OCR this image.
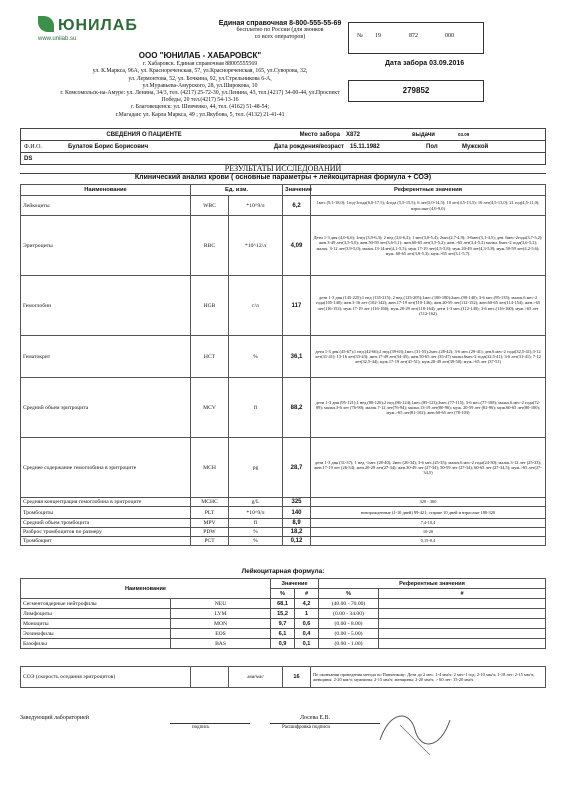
ЮНИЛАБ
www.unilab.su
Единая справочная 8-800-555-55-69
бесплатно по России (для звонков
со всех операторов)
ООО "ЮНИЛАБ - ХАБАРОВСК"
г. Хабаровск. Единая справочная 88005555569
ул. К.Маркса, 96А, ул. Краснореченская, 57, ул.Краснореченская, 165, ул.Суворова, 32,
ул. Лермонтова, 52, ул. Бочкина, 92, ул.Стрельникова 6-А,
ул.Муравьева-Амурского, 28, ул.Широкова, 10
г. Комсомольск-на-Амуре: ул. Ленина, 34/3, тел. (4217) 25-72-30, ул.Ленина, 43, тел.(4217) 34-00-44, ул.Проспект
Победы, 20 тел.(4217) 54-13-16
г. Благовещенск: ул. Шевченко, 44, тел. (4162) 51-48-54;
г.Магадан: ул. Карла Маркса, 49 ; ул.Якубова, 5, тел. (4132) 21-41-41
№ 19	872	000
Дата забора 03.09.2016
279852
СВЕДЕНИЯ О ПАЦИЕНТЕ	Место забора	Х872	выдачи	03.09
Ф.И.О.	Булатов Борис Борисович	Дата рождения/возраст	15.11.1982	Пол	Мужской
DS
РЕЗУЛЬТАТЫ ИССЛЕДОВАНИЙ
Клинический анализ крови ( основные параметры + лейкоцитарная формула + СОЭ)
Наименование	Ед. изм.		Значение	Референтные значения
Лейкоциты	WBC	*10^9/л	6,2	1мес (9,1-18,0); 1год-3года(6,0-17,5); 4года (5,5-15,5); 6 лет(5,0-14,5); 10 лет(4,5-13,5); 16 лет(4,5-13,0); 21 год(4,5-11,0); взрослые (4,0-9,0)
Эритроциты	RBC	*10^12/л	4,09	Дети 1-3 дня (4,0-6,6); 1нед (3,9-6,3); 2 нед (3,6-6,2); 1 мес(3,0-5,4); 2мес(2,7-4,9); 3-6мес(3,1-4,5); дев. 6мес-2года(3,7-5,2); жен.3-49 лет(3,5-5,0); жен.50-59 лет(3,6-5,1); жен.60-65 лет(3,5-5,2); жен.>65 лет(3,4-5,2) мальч. 6мес-2 года(3,6-5,2); мальч. 3-12 лет(3,9-5,0); мальч.13-14лет(4,1-5,5); муж.17-19 лет(4,5-5,8); муж.20-49 лет(4,3-5,8); муж.50-59 лет(4,2-5,6); муж. 60-65 лет(3,9-5,3); муж.>65 лет(3,1-5,7).
Гемоглобин	HGB	г/л	117	дети 1-3 дня (145-225);1 нед (135-215); 2 нед.(125-205);1мес.(100-180);2мес.(90-140); 3-6 мес.(95-135); мальч.6 мес-2 года(105-140); жен.3-16 лет (102-142); жен.17-19 лет(110-146); жен.20-59 лет(112-152); жен.60-65 лет(114-154); жен.>65 лет(116-152); муж.17-19 лет (116-166); муж.20-29 лет(118-164); дети 1-3 мес.(112-140); 3-6 мес.(116-160); муж.>65 лет (112-162)
Гематокрит	HCT	%	36,1	дети 1-3 дня (45-67);1 нед.(42-66);2 нед.(39-63);1мес.(31-55);2мес.(28-42); 3-6 мес.(29-41); дев.6 мес-2 года(32,5-41);3-12 лет(31-41); 13-16 лет(33-43); жен.17-49 лет(34-45); жен.50-65 лет (35-47) мальч.6мес-2 года(32,5-41); 3-6 лет(31-41); 7-12 лет(32,5-44); муж.17-19 лет(41-51); муж.20-49 лет(39-50); муж.>65 лет (37-51)
Средний объем эритроцита	MCV	fl	88,2	дети 1-3 дня (95-121);1 нед.(88-126);2 нед.(86-124);1мес.(85-123);2мес.(77-115); 3-6 мес.(77-108); мальч.6 мес-2 года(72-89); мальч.3-6 лет (76-90); мальч.7-12 лет(76-94); мальч.13-19 лет(80-96); муж. 20-59 лет (82-96); муж.60-65 лет(80-100); муж.>65 лет(81-102); жен.60-65 лет (78-103)
Среднее содержание гемоглобина в эритроците	MCH	pg	28,7	дети 1-3 дня (31-37); 1 нед.-1мес (28-40); 2мес (26-34); 3-6 мес.(25-35); мальч.6 мес-2 года(24-30); мальч.3-12 лет (25-33); жен.17-19 лет (26-34); жен.20-29 лет(27-34); жен.30-49 лет (27-34); 50-59 лет (27-34); 60-65 лет (27-34,5); муж.>65 лет(27-34,5)
Средняя концентрация гемоглобина в эритроците	MCHC	g/L	325	320 - 360
Тромбоциты	PLT	*10^9/л	140	новорожденные (1-10 дней) 99-421; старше 10 дней и взрослые 180-320
Средний объем тромбоцита	MPV	fl	8,9	7,4-10,4
Разброс тромбоцитов по размеру	PDW	%	18,2	10-20
Тромбокрит	PCT	%	0,12	0,15-0,4
Лейкоцитарная формула:
Наименование		Значение		Референтные значения	
		%	#	%	#
Сегментоядерные нейтрофилы	NEU	68,1	4,2	(40.00 - 70.00)	
Лимфоциты	LYM	15,2	1	(0.00 - 34.00)	
Моноциты	MON	9,7	0,6	(0.00 - 8.00)	
Эозинофилы	EOS	6,1	0,4	(0.00 - 5.00)	
Базофилы	BAS	0,9	0,1	(0.00 - 1.00)	
СОЭ (скорость оседания эритроцитов)		мм/час	16	По окончании проведения метода по Панченкову: Дети до 2 мес: 1-4 мм/ч; 2 мес-1 год: 2-10 мм/ч; 1-18 лет: 2-15 мм/ч; женщины: 2-20 мм/ч; мужчины: 2-15 мм/ч; женщины: 2-20 мм/ч; > 60 лет: 15-20 мм/ч
Заведующий лабораторией
подпись
Лосева Е.В.
Расшифровка подписи
